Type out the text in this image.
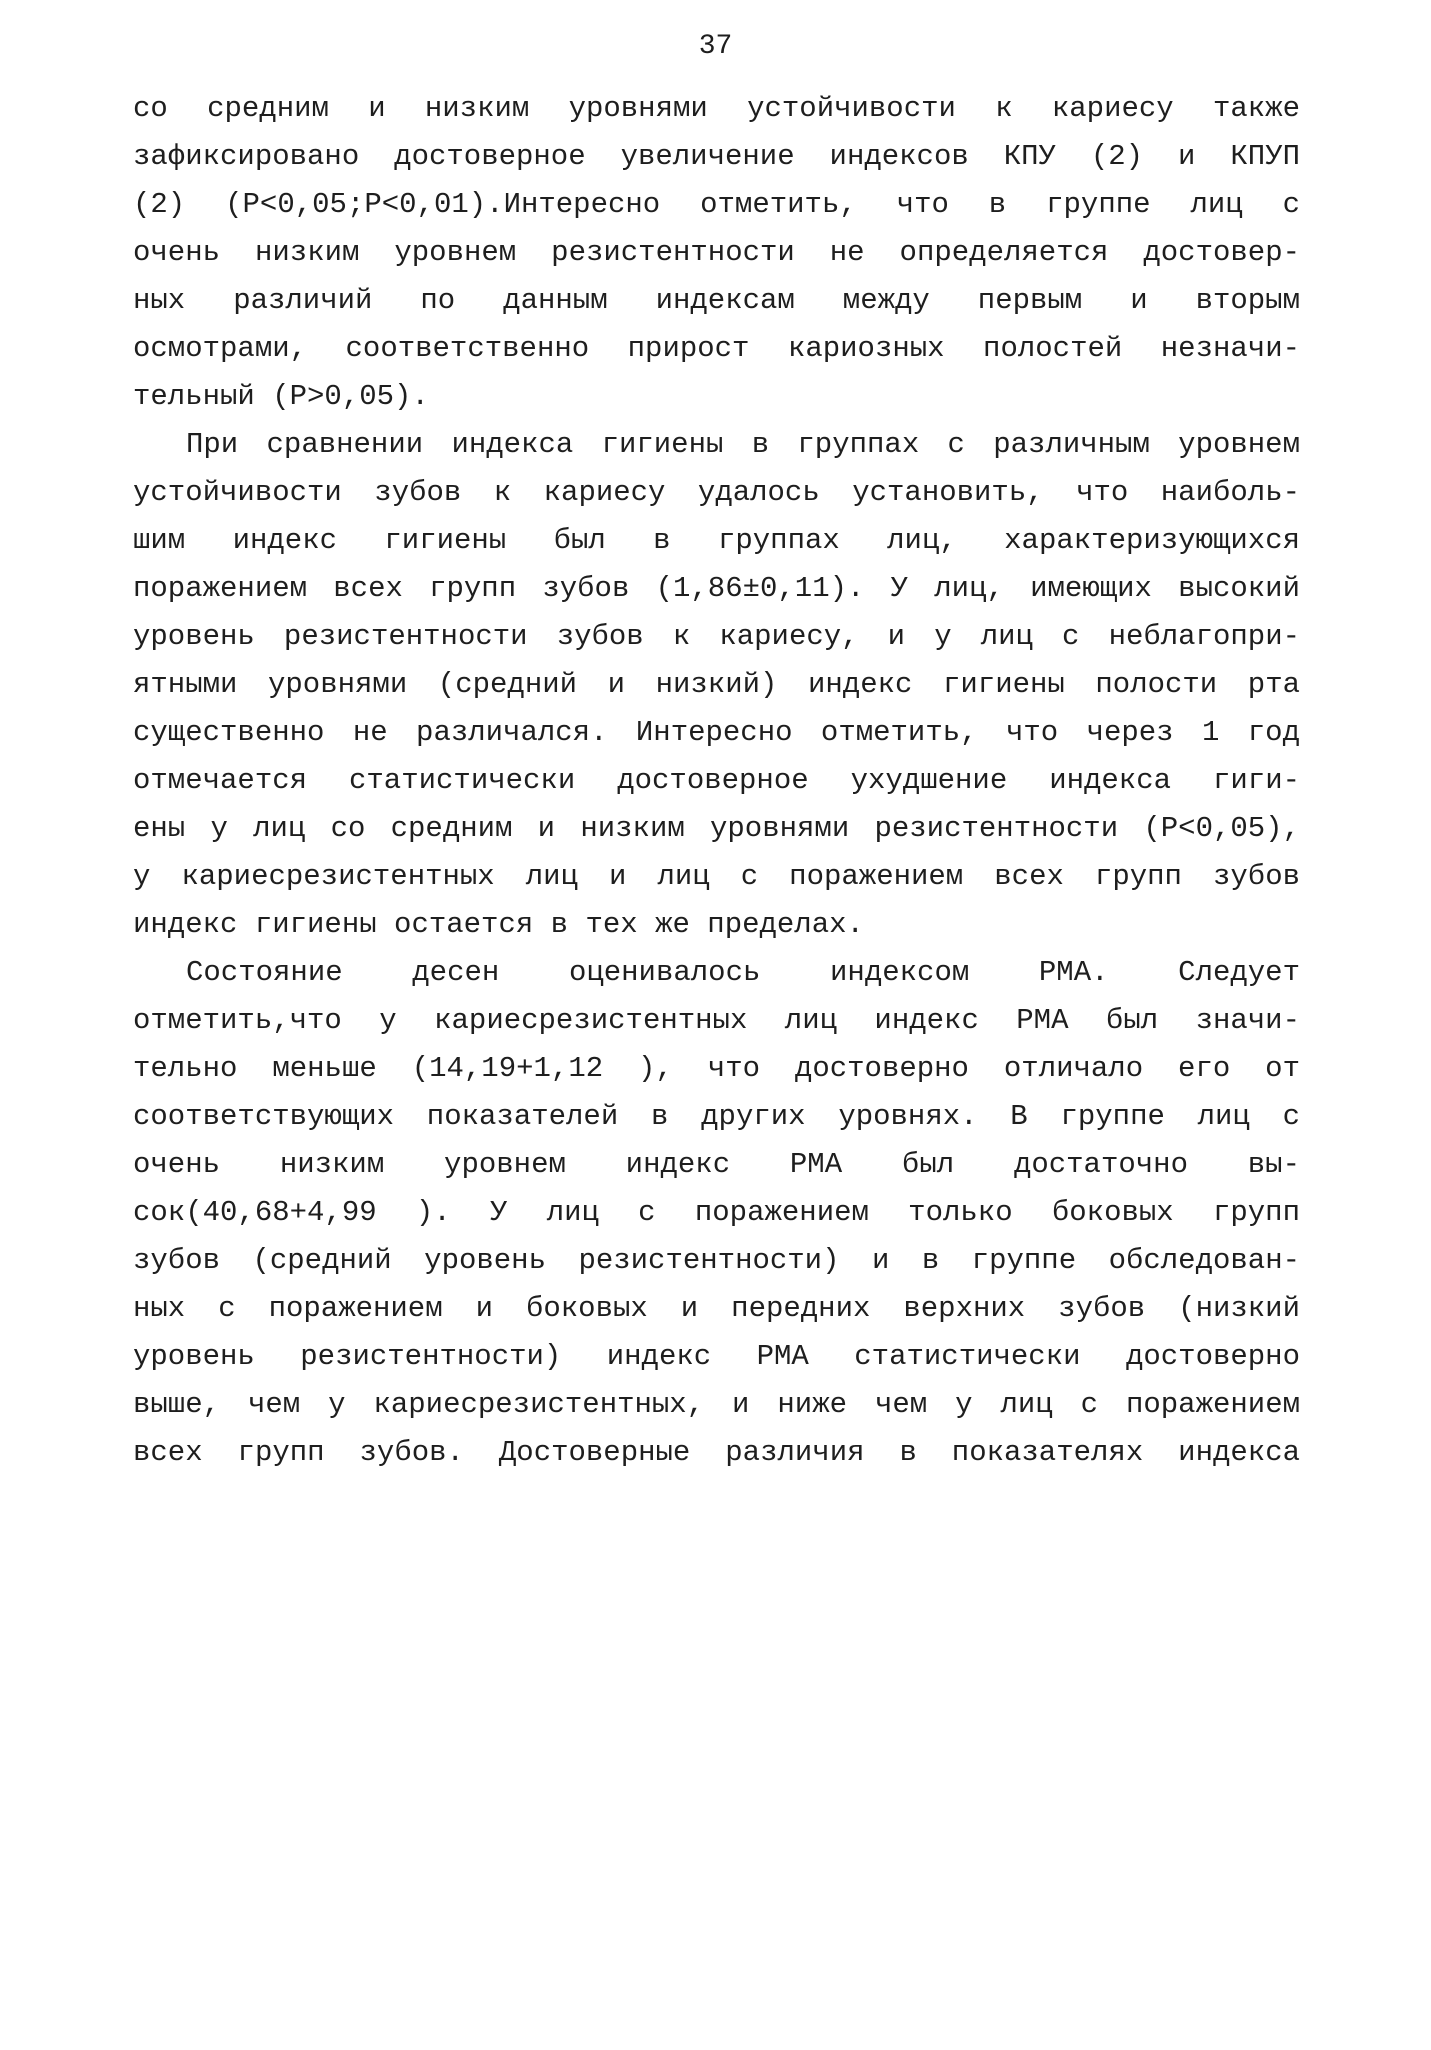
37
со средним и низким уровнями устойчивости к кариесу также
зафиксировано достоверное увеличение индексов КПУ (2) и КПУП
(2) (Р<0,05;Р<0,01).Интересно отметить, что в группе лиц с
очень низким уровнем резистентности не определяется достовер-
ных различий по данным индексам между первым и вторым
осмотрами, соответственно прирост кариозных полостей незначи-
тельный (Р>0,05).
При сравнении индекса гигиены в группах с различным уровнем
устойчивости зубов к кариесу удалось установить, что наиболь-
шим индекс гигиены был в группах лиц, характеризующихся
поражением всех групп зубов (1,86±0,11). У лиц, имеющих высокий
уровень резистентности зубов к кариесу, и у лиц с неблагопри-
ятными уровнями (средний и низкий) индекс гигиены полости рта
существенно не различался. Интересно отметить, что через 1 год
отмечается статистически достоверное ухудшение индекса гиги-
ены у лиц со средним и низким уровнями резистентности (Р<0,05),
у кариесрезистентных лиц и лиц с поражением всех групп зубов
индекс гигиены остается в тех же пределах.
Состояние десен оценивалось индексом РМА. Следует
отметить,что у кариесрезистентных лиц индекс РМА был значи-
тельно меньше (14,19+1,12 ), что достоверно отличало его от
соответствующих показателей в других уровнях. В группе лиц с
очень низким уровнем индекс РМА был достаточно вы-
сок(40,68+4,99 ). У лиц с поражением только боковых групп
зубов (средний уровень резистентности) и в группе обследован-
ных с поражением и боковых и передних верхних зубов (низкий
уровень резистентности) индекс РМА статистически достоверно
выше, чем у кариесрезистентных, и ниже чем у лиц с поражением
всех групп зубов. Достоверные различия в показателях индекса
